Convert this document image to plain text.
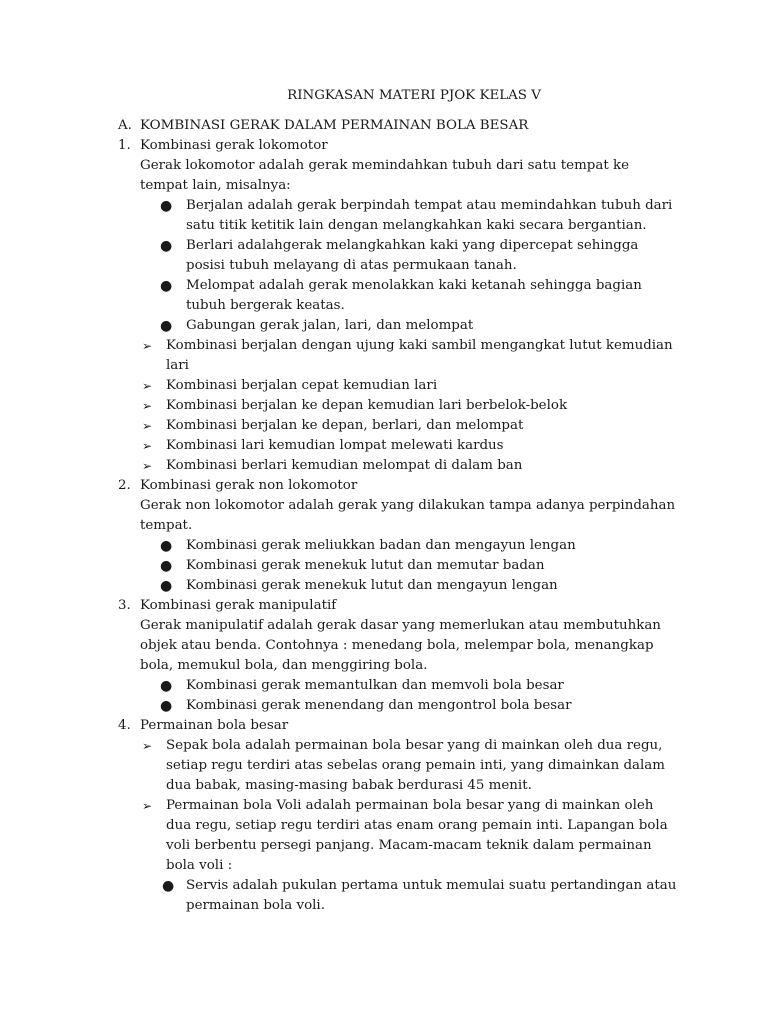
RINGKASAN MATERI PJOK KELAS V
A. KOMBINASI GERAK DALAM PERMAINAN BOLA BESAR
1. Kombinasi gerak lokomotor
Gerak lokomotor adalah gerak memindahkan tubuh dari satu tempat ke tempat lain, misalnya:
● Berjalan adalah gerak berpindah tempat atau memindahkan tubuh dari satu titik ketitik lain dengan melangkahkan kaki secara bergantian.
● Berlari adalahgerak melangkahkan kaki yang dipercepat sehingga posisi tubuh melayang di atas permukaan tanah.
● Melompat adalah gerak menolakkan kaki ketanah sehingga bagian tubuh bergerak keatas.
● Gabungan gerak jalan, lari, dan melompat
➢ Kombinasi berjalan dengan ujung kaki sambil mengangkat lutut kemudian lari
➢ Kombinasi berjalan cepat kemudian lari
➢ Kombinasi berjalan ke depan kemudian lari berbelok-belok
➢ Kombinasi berjalan ke depan, berlari, dan melompat
➢ Kombinasi lari kemudian lompat melewati kardus
➢ Kombinasi berlari kemudian melompat di dalam ban
2. Kombinasi gerak non lokomotor
Gerak non lokomotor adalah gerak yang dilakukan tampa adanya perpindahan tempat.
● Kombinasi gerak meliukkan badan dan mengayun lengan
● Kombinasi gerak menekuk lutut dan memutar badan
● Kombinasi gerak menekuk lutut dan mengayun lengan
3. Kombinasi gerak manipulatif
Gerak manipulatif adalah gerak dasar yang memerlukan atau membutuhkan objek atau benda. Contohnya : menedang bola, melempar bola, menangkap bola, memukul bola, dan menggiring bola.
● Kombinasi gerak memantulkan dan memvoli bola besar
● Kombinasi gerak menendang dan mengontrol bola besar
4. Permainan bola besar
➢ Sepak bola adalah permainan bola besar yang di mainkan oleh dua regu, setiap regu terdiri atas sebelas orang pemain inti, yang dimainkan dalam dua babak, masing-masing babak berdurasi 45 menit.
➢ Permainan bola Voli adalah permainan bola besar yang di mainkan oleh dua regu, setiap regu terdiri atas enam orang pemain inti. Lapangan bola voli berbentu persegi panjang. Macam-macam teknik dalam permainan bola voli :
● Servis adalah pukulan pertama untuk memulai suatu pertandingan atau permainan bola voli.
